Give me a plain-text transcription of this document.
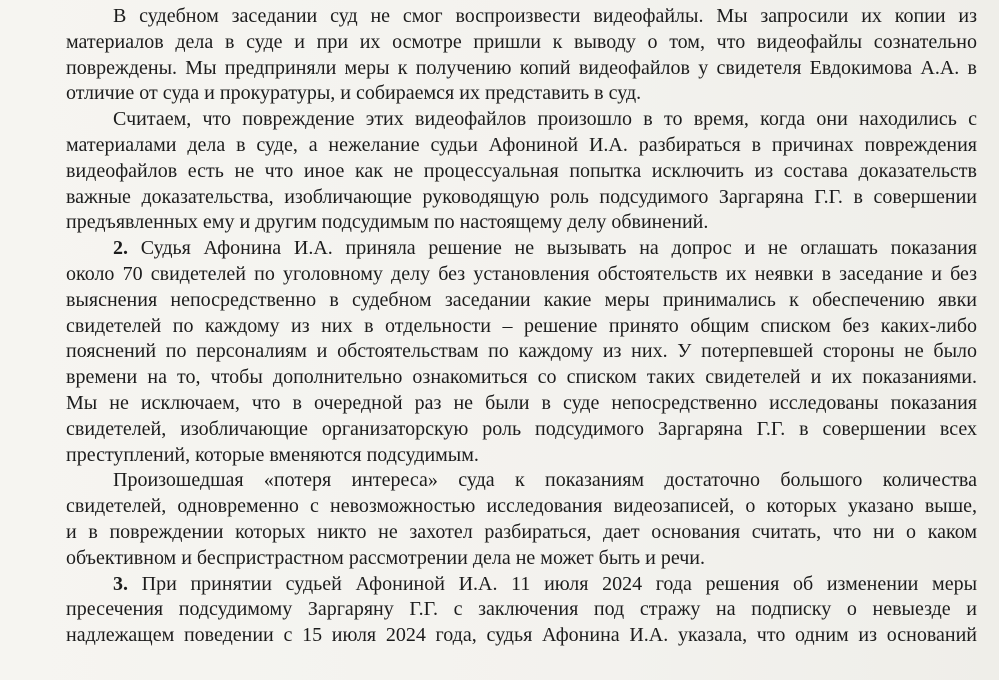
В судебном заседании суд не смог воспроизвести видеофайлы. Мы запросили их копии из
материалов дела в суде и при их осмотре пришли к выводу о том, что видеофайлы сознательно
повреждены. Мы предприняли меры к получению копий видеофайлов у свидетеля Евдокимова А.А. в
отличие от суда и прокуратуры, и собираемся их представить в суд.

Считаем, что повреждение этих видеофайлов произошло в то время, когда они находились с
материалами дела в суде, а нежелание судьи Афониной И.А. разбираться в причинах повреждения
видеофайлов есть не что иное как не процессуальная попытка исключить из состава доказательств
важные доказательства, изобличающие руководящую роль подсудимого Заргаряна Г.Г. в совершении
предъявленных ему и другим подсудимым по настоящему делу обвинений.

2. Судья Афонина И.А. приняла решение не вызывать на допрос и не оглашать показания
около 70 свидетелей по уголовному делу без установления обстоятельств их неявки в заседание и без
выяснения непосредственно в судебном заседании какие меры принимались к обеспечению явки
свидетелей по каждому из них в отдельности – решение принято общим списком без каких-либо
пояснений по персоналиям и обстоятельствам по каждому из них. У потерпевшей стороны не было
времени на то, чтобы дополнительно ознакомиться со списком таких свидетелей и их показаниями.
Мы не исключаем, что в очередной раз не были в суде непосредственно исследованы показания
свидетелей, изобличающие организаторскую роль подсудимого Заргаряна Г.Г. в совершении всех
преступлений, которые вменяются подсудимым.

Произошедшая «потеря интереса» суда к показаниям достаточно большого количества
свидетелей, одновременно с невозможностью исследования видеозаписей, о которых указано выше,
и в повреждении которых никто не захотел разбираться, дает основания считать, что ни о каком
объективном и беспристрастном рассмотрении дела не может быть и речи.

3. При принятии судьей Афониной И.А. 11 июля 2024 года решения об изменении меры
пресечения подсудимому Заргаряну Г.Г. с заключения под стражу на подписку о невыезде и
надлежащем поведении с 15 июля 2024 года, судья Афонина И.А. указала, что одним из оснований
